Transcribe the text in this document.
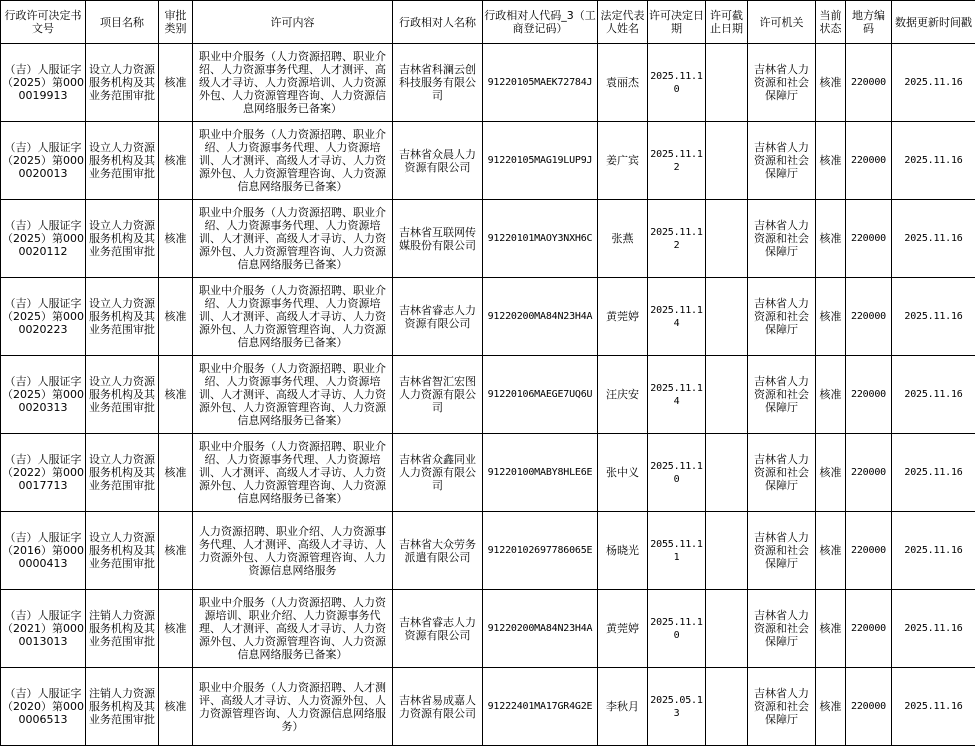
行政许可决定书文号	项目名称	审批类别	许可内容	行政相对人名称	行政相对人代码_3（工商登记码）	法定代表人姓名	许可决定日期	许可截止日期	许可机关	当前状态	地方编码	数据更新时间戳
（吉）人服证字（2025）第0000019913	设立人力资源服务机构及其业务范围审批	核准	职业中介服务（人力资源招聘、职业介绍、人力资源事务代理、人才测评、高级人才寻访、人力资源培训、人力资源外包、人力资源管理咨询、人力资源信息网络服务已备案）	吉林省科澜云创科技服务有限公司	91220105MAEK72784J	袁丽杰	2025.11.10		吉林省人力资源和社会保障厅	核准	220000	2025.11.16
（吉）人服证字（2025）第0000020013	设立人力资源服务机构及其业务范围审批	核准	职业中介服务（人力资源招聘、职业介绍、人力资源事务代理、人力资源培训、人才测评、高级人才寻访、人力资源外包、人力资源管理咨询、人力资源信息网络服务已备案）	吉林省众晨人力资源有限公司	91220105MAG19LUP9J	姜广宾	2025.11.12		吉林省人力资源和社会保障厅	核准	220000	2025.11.16
（吉）人服证字（2025）第0000020112	设立人力资源服务机构及其业务范围审批	核准	职业中介服务（人力资源招聘、职业介绍、人力资源事务代理、人力资源培训、人才测评、高级人才寻访、人力资源外包、人力资源管理咨询、人力资源信息网络服务已备案）	吉林省互联网传媒股份有限公司	91220101MAOY3NXH6C	张燕	2025.11.12		吉林省人力资源和社会保障厅	核准	220000	2025.11.16
（吉）人服证字（2025）第0000020223	设立人力资源服务机构及其业务范围审批	核准	职业中介服务（人力资源招聘、职业介绍、人力资源事务代理、人力资源培训、人才测评、高级人才寻访、人力资源外包、人力资源管理咨询、人力资源信息网络服务已备案）	吉林省睿志人力资源有限公司	91220200MA84N23H4A	黄莞婷	2025.11.14		吉林省人力资源和社会保障厅	核准	220000	2025.11.16
（吉）人服证字（2025）第0000020313	设立人力资源服务机构及其业务范围审批	核准	职业中介服务（人力资源招聘、职业介绍、人力资源事务代理、人力资源培训、人才测评、高级人才寻访、人力资源外包、人力资源管理咨询、人力资源信息网络服务已备案）	吉林省智汇宏图人力资源有限公司	91220106MAEGE7UQ6U	汪庆安	2025.11.14		吉林省人力资源和社会保障厅	核准	220000	2025.11.16
（吉）人服证字（2022）第0000017713	设立人力资源服务机构及其业务范围审批	核准	职业中介服务（人力资源招聘、职业介绍、人力资源事务代理、人力资源培训、人才测评、高级人才寻访、人力资源外包、人力资源管理咨询、人力资源信息网络服务已备案）	吉林省众鑫同业人力资源有限公司	91220100MABY8HLE6E	张中义	2025.11.10		吉林省人力资源和社会保障厅	核准	220000	2025.11.16
（吉）人服证字（2016）第0000000413	设立人力资源服务机构及其业务范围审批	核准	人力资源招聘、职业介绍、人力资源事务代理、人才测评、高级人才寻访、人力资源外包、人力资源管理咨询、人力资源信息网络服务	吉林省大众劳务派遣有限公司	912201026977860​65E	杨晓光	2055.11.11		吉林省人力资源和社会保障厅	核准	220000	2025.11.16
（吉）人服证字（2021）第0000013013	注销人力资源服务机构及其业务范围审批	核准	职业中介服务（人力资源招聘、人力资源培训、职业介绍、人力资源事务代理、人才测评、高级人才寻访、人力资源外包、人力资源管理咨询、人力资源信息网络服务已备案）	吉林省睿志人力资源有限公司	91220200MA84N23H4A	黄莞婷	2025.11.10		吉林省人力资源和社会保障厅	核准	220000	2025.11.16
（吉）人服证字（2020）第0000006513	注销人力资源服务机构及其业务范围审批	核准	职业中介服务（人力资源招聘、人才测评、高级人才寻访、人力资源外包、人力资源管理咨询、人力资源信息网络服务）	吉林省易成嘉人力资源有限公司	91222401MA17GR4G2E	李秋月	2025.05.13		吉林省人力资源和社会保障厅	核准	220000	2025.11.16
